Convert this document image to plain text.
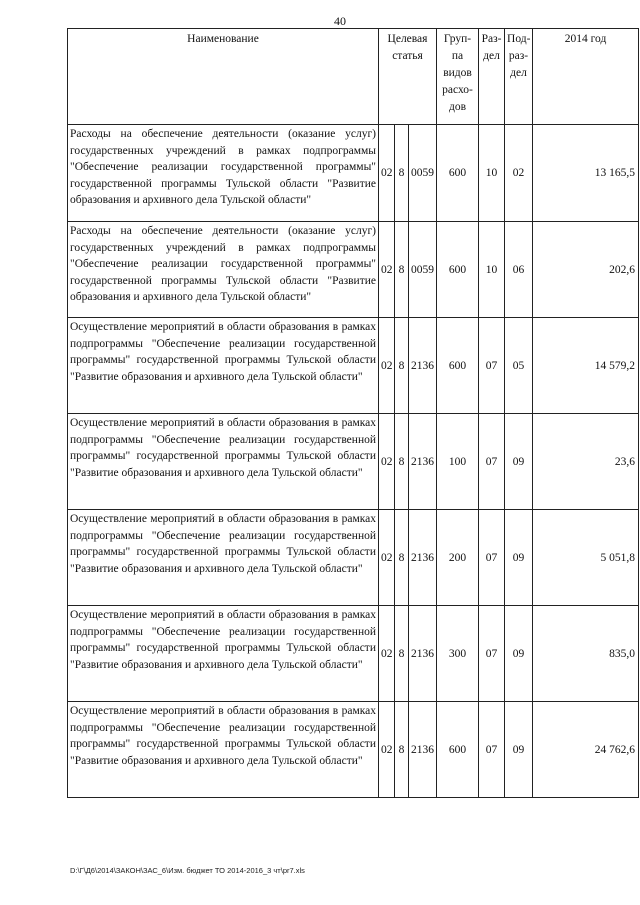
40
Наименование	Целевая статья			Груп-па видов расхо-дов	Раз-дел	Под-раз-дел	2014 год
Расходы на обеспечение деятельности (оказание услуг) государственных учреждений в рамках подпрограммы "Обеспечение реализации государственной программы" государственной программы Тульской области "Развитие образования и архивного дела Тульской области"	02	8	0059	600	10	02	13 165,5
Расходы на обеспечение деятельности (оказание услуг) государственных учреждений в рамках подпрограммы "Обеспечение реализации государственной программы" государственной программы Тульской области "Развитие образования и архивного дела Тульской области"	02	8	0059	600	10	06	202,6
Осуществление мероприятий в области образования в рамках подпрограммы "Обеспечение реализации государственной программы" государственной программы Тульской области "Развитие образования и архивного дела Тульской области"	02	8	2136	600	07	05	14 579,2
Осуществление мероприятий в области образования в рамках подпрограммы "Обеспечение реализации государственной программы" государственной программы Тульской области "Развитие образования и архивного дела Тульской области"	02	8	2136	100	07	09	23,6
Осуществление мероприятий в области образования в рамках подпрограммы "Обеспечение реализации государственной программы" государственной программы Тульской области "Развитие образования и архивного дела Тульской области"	02	8	2136	200	07	09	5 051,8
Осуществление мероприятий в области образования в рамках подпрограммы "Обеспечение реализации государственной программы" государственной программы Тульской области "Развитие образования и архивного дела Тульской области"	02	8	2136	300	07	09	835,0
Осуществление мероприятий в области образования в рамках подпрограммы "Обеспечение реализации государственной программы" государственной программы Тульской области "Развитие образования и архивного дела Тульской области"	02	8	2136	600	07	09	24 762,6
D:\Г\Д6\2014\ЗАКОН\ЗАС_6\Изм. бюджет ТО 2014-2016_3 чт\pr7.xls
